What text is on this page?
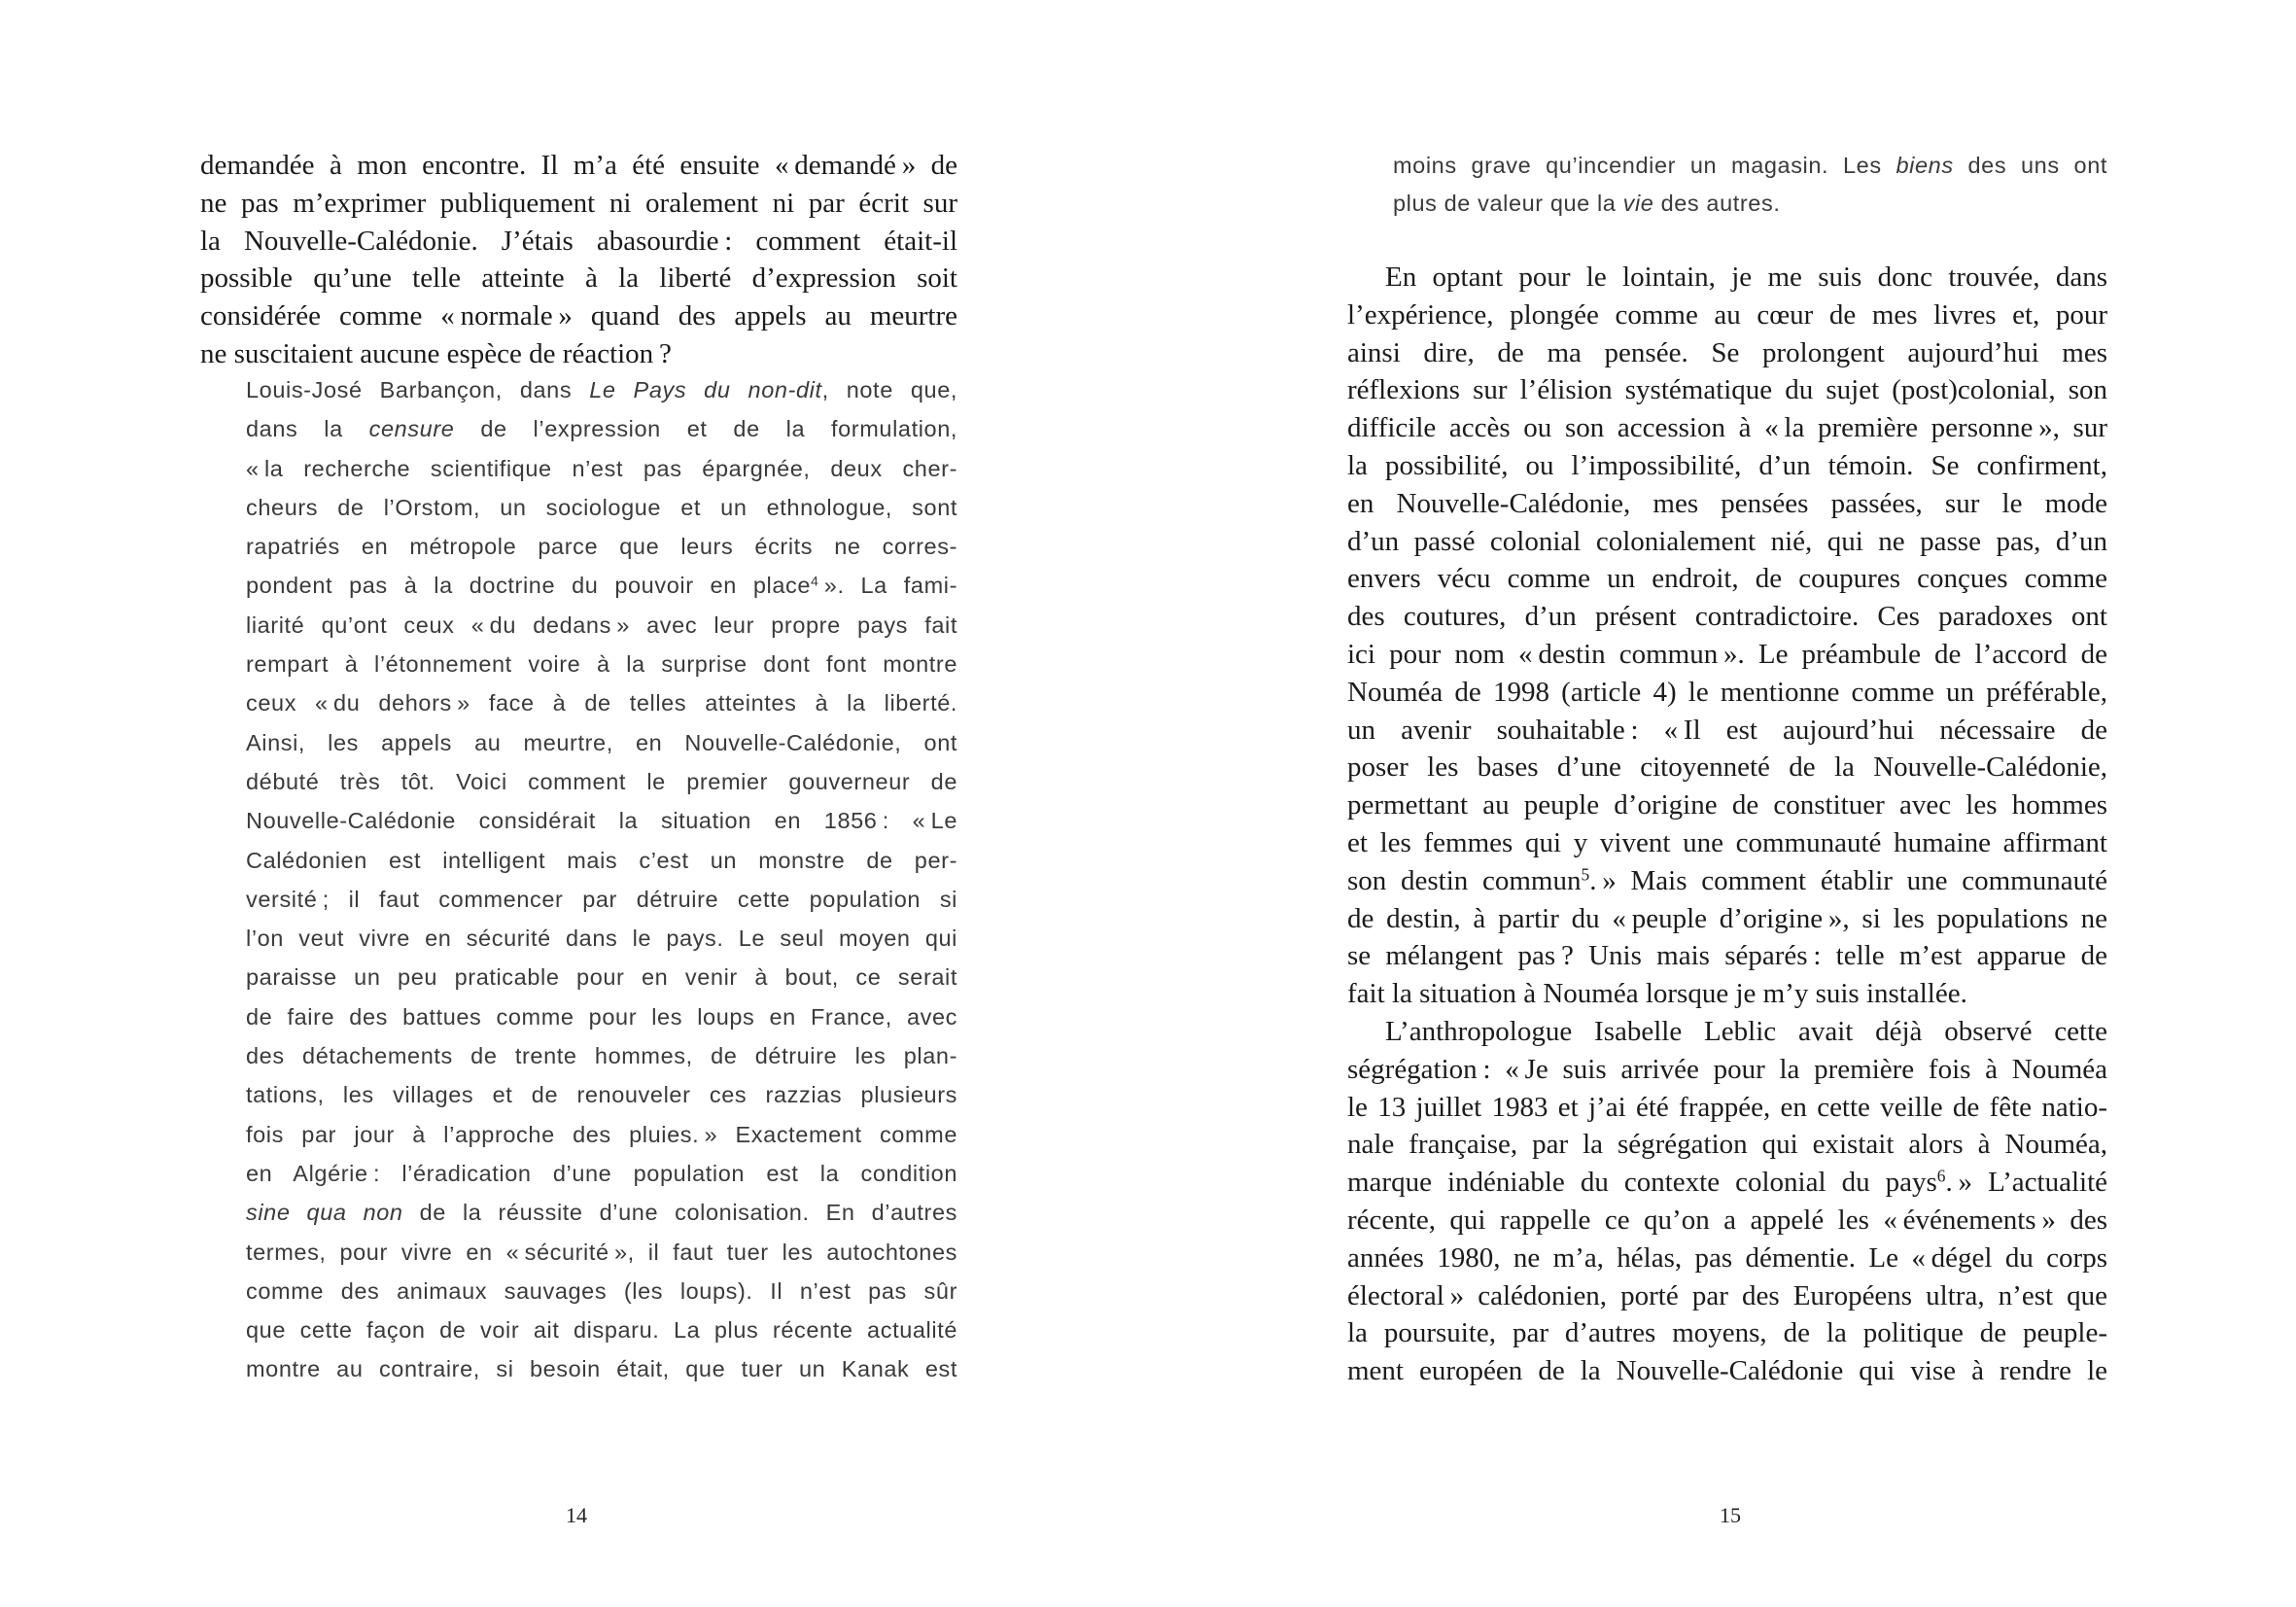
demandée à mon encontre. Il m’a été ensuite « demandé » de
ne pas m’exprimer publiquement ni oralement ni par écrit sur
la Nouvelle-Calédonie. J’étais abasourdie : comment était-il
possible qu’une telle atteinte à la liberté d’expression soit
considérée comme « normale » quand des appels au meurtre
ne suscitaient aucune espèce de réaction ?
Louis-José Barbançon, dans Le Pays du non-dit, note que,
dans la censure de l’expression et de la formulation,
« la recherche scientifique n’est pas épargnée, deux cher-
cheurs de l’Orstom, un sociologue et un ethnologue, sont
rapatriés en métropole parce que leurs écrits ne corres-
pondent pas à la doctrine du pouvoir en place$^4$ ». La fami-
liarité qu’ont ceux « du dedans » avec leur propre pays fait
rempart à l’étonnement voire à la surprise dont font montre
ceux « du dehors » face à de telles atteintes à la liberté.
Ainsi, les appels au meurtre, en Nouvelle-Calédonie, ont
débuté très tôt. Voici comment le premier gouverneur de
Nouvelle-Calédonie considérait la situation en 1856 : « Le
Calédonien est intelligent mais c’est un monstre de per-
versité ; il faut commencer par détruire cette population si
l’on veut vivre en sécurité dans le pays. Le seul moyen qui
paraisse un peu praticable pour en venir à bout, ce serait
de faire des battues comme pour les loups en France, avec
des détachements de trente hommes, de détruire les plan-
tations, les villages et de renouveler ces razzias plusieurs
fois par jour à l’approche des pluies. » Exactement comme
en Algérie : l’éradication d’une population est la condition
sine qua non de la réussite d’une colonisation. En d’autres
termes, pour vivre en « sécurité », il faut tuer les autochtones
comme des animaux sauvages (les loups). Il n’est pas sûr
que cette façon de voir ait disparu. La plus récente actualité
montre au contraire, si besoin était, que tuer un Kanak est
14
moins grave qu’incendier un magasin. Les biens des uns ont
plus de valeur que la vie des autres.
En optant pour le lointain, je me suis donc trouvée, dans
l’expérience, plongée comme au cœur de mes livres et, pour
ainsi dire, de ma pensée. Se prolongent aujourd’hui mes
réflexions sur l’élision systématique du sujet (post)colonial, son
difficile accès ou son accession à « la première personne », sur
la possibilité, ou l’impossibilité, d’un témoin. Se confirment,
en Nouvelle-Calédonie, mes pensées passées, sur le mode
d’un passé colonial colonialement nié, qui ne passe pas, d’un
envers vécu comme un endroit, de coupures conçues comme
des coutures, d’un présent contradictoire. Ces paradoxes ont
ici pour nom « destin commun ». Le préambule de l’accord de
Nouméa de 1998 (article 4) le mentionne comme un préférable,
un avenir souhaitable : « Il est aujourd’hui nécessaire de
poser les bases d’une citoyenneté de la Nouvelle-Calédonie,
permettant au peuple d’origine de constituer avec les hommes
et les femmes qui y vivent une communauté humaine affirmant
son destin commun$^5$. » Mais comment établir une communauté
de destin, à partir du « peuple d’origine », si les populations ne
se mélangent pas ? Unis mais séparés : telle m’est apparue de
fait la situation à Nouméa lorsque je m’y suis installée.
L’anthropologue Isabelle Leblic avait déjà observé cette
ségrégation : « Je suis arrivée pour la première fois à Nouméa
le 13 juillet 1983 et j’ai été frappée, en cette veille de fête natio-
nale française, par la ségrégation qui existait alors à Nouméa,
marque indéniable du contexte colonial du pays$^6$. » L’actualité
récente, qui rappelle ce qu’on a appelé les « événements » des
années 1980, ne m’a, hélas, pas démentie. Le « dégel du corps
électoral » calédonien, porté par des Européens ultra, n’est que
la poursuite, par d’autres moyens, de la politique de peuple-
ment européen de la Nouvelle-Calédonie qui vise à rendre le
15
